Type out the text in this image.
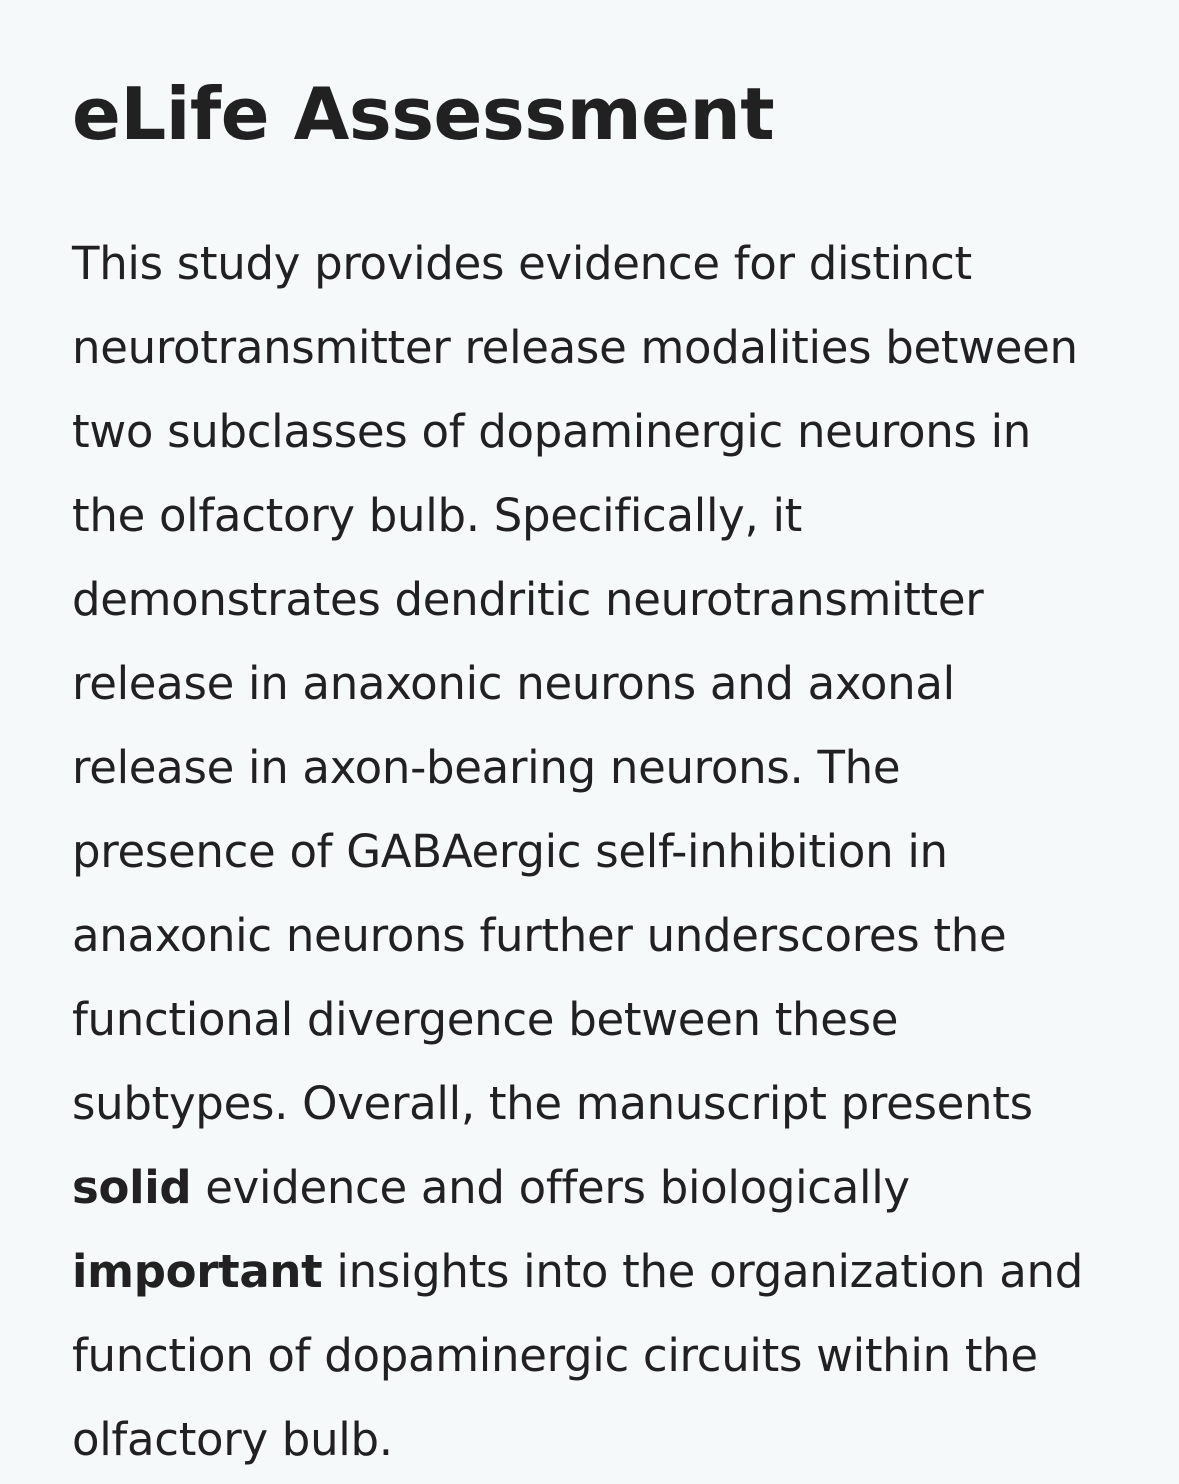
eLife Assessment

This study provides evidence for distinct
neurotransmitter release modalities between
two subclasses of dopaminergic neurons in
the olfactory bulb. Specifically, it
demonstrates dendritic neurotransmitter
release in anaxonic neurons and axonal
release in axon-bearing neurons. The
presence of GABAergic self-inhibition in
anaxonic neurons further underscores the
functional divergence between these
subtypes. Overall, the manuscript presents
solid evidence and offers biologically
important insights into the organization and
function of dopaminergic circuits within the
olfactory bulb.
